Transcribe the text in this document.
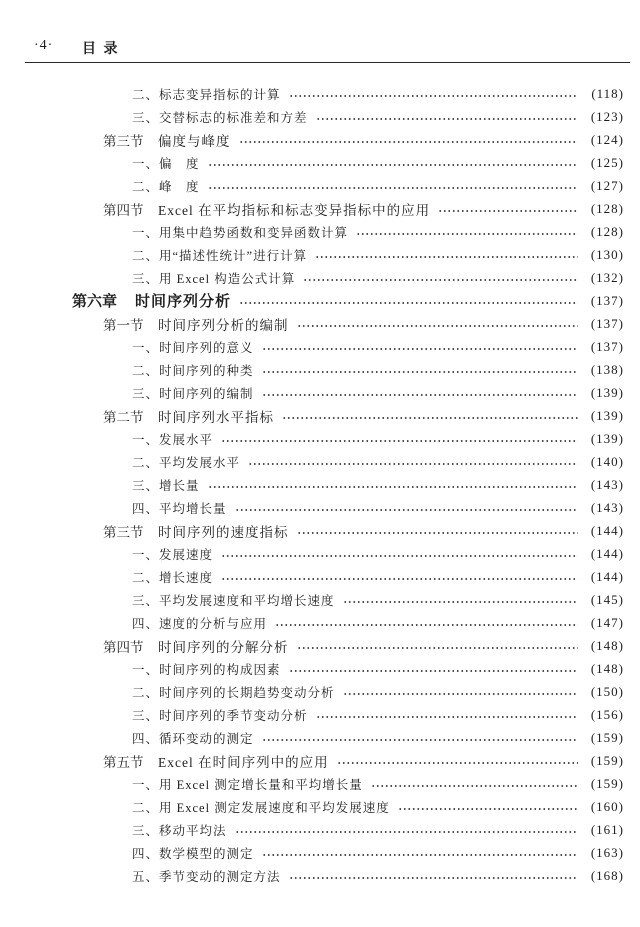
·4· 目 录
二、标志变异指标的计算	(118)
三、交替标志的标准差和方差	(123)
第三节	偏度与峰度	(124)
一、偏　度	(125)
二、峰　度	(127)
第四节	Excel 在平均指标和标志变异指标中的应用	(128)
一、用集中趋势函数和变异函数计算	(128)
二、用“描述性统计”进行计算	(130)
三、用 Excel 构造公式计算	(132)
第六章	时间序列分析	(137)
第一节	时间序列分析的编制	(137)
一、时间序列的意义	(137)
二、时间序列的种类	(138)
三、时间序列的编制	(139)
第二节	时间序列水平指标	(139)
一、发展水平	(139)
二、平均发展水平	(140)
三、增长量	(143)
四、平均增长量	(143)
第三节	时间序列的速度指标	(144)
一、发展速度	(144)
二、增长速度	(144)
三、平均发展速度和平均增长速度	(145)
四、速度的分析与应用	(147)
第四节	时间序列的分解分析	(148)
一、时间序列的构成因素	(148)
二、时间序列的长期趋势变动分析	(150)
三、时间序列的季节变动分析	(156)
四、循环变动的测定	(159)
第五节	Excel 在时间序列中的应用	(159)
一、用 Excel 测定增长量和平均增长量	(159)
二、用 Excel 测定发展速度和平均发展速度	(160)
三、移动平均法	(161)
四、数学模型的测定	(163)
五、季节变动的测定方法	(168)
